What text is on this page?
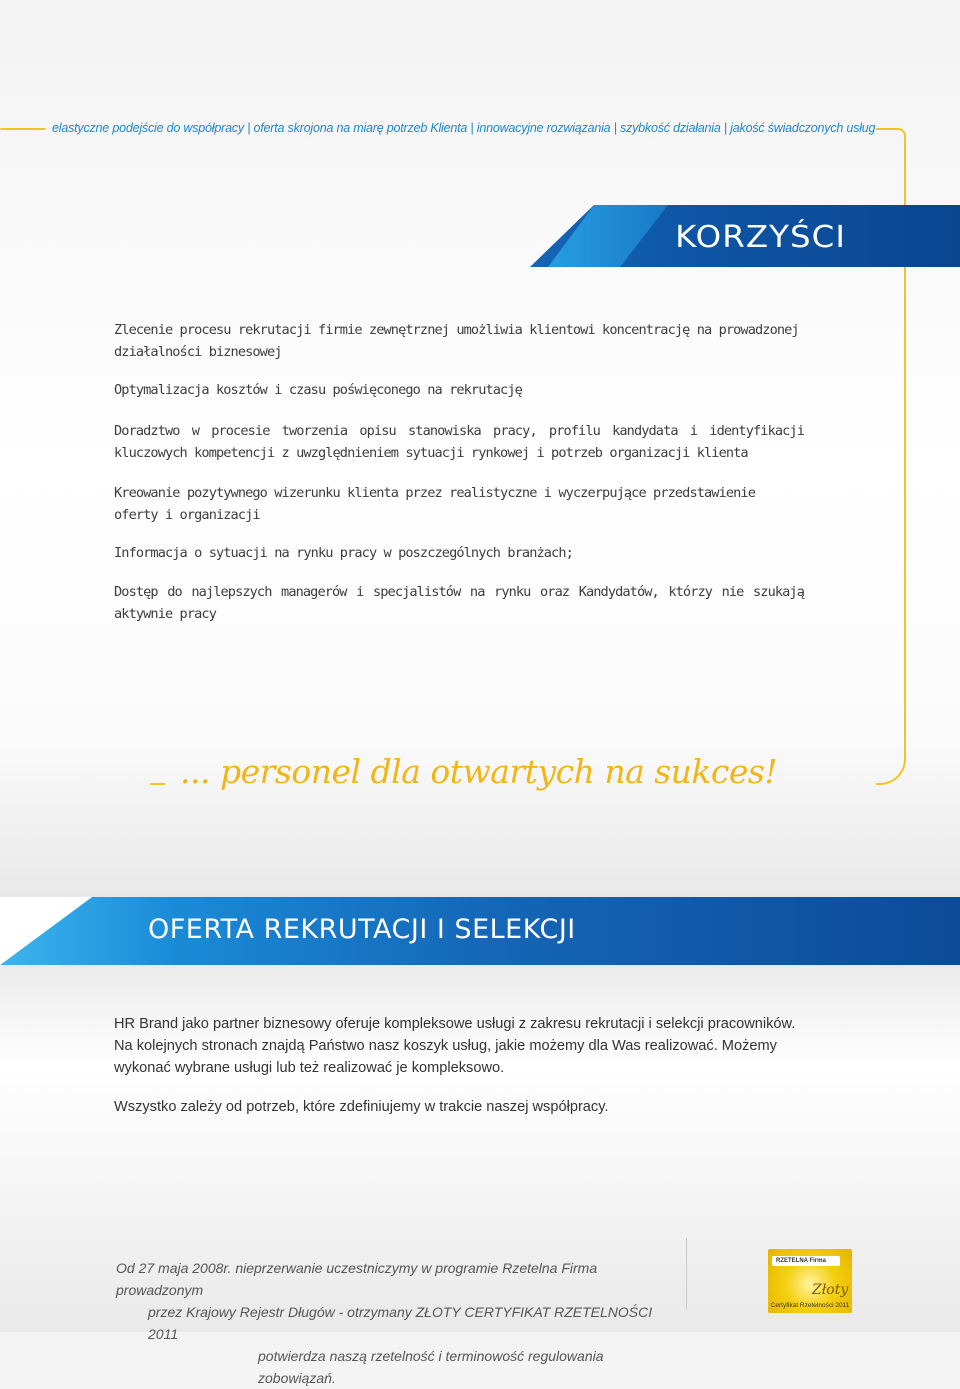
elastyczne podejście do współpracy | oferta skrojona na miarę potrzeb Klienta | innowacyjne rozwiązania | szybkość działania | jakość świadczonych usług
KORZYŚCI
Zlecenie procesu rekrutacji firmie zewnętrznej umożliwia klientowi koncentrację na prowadzonej działalności biznesowej
Optymalizacja kosztów i czasu poświęconego na rekrutację
Doradztwo w procesie tworzenia opisu stanowiska pracy, profilu kandydata i identyfikacji kluczowych kompetencji z uwzględnieniem sytuacji rynkowej i potrzeb organizacji klienta
Kreowanie pozytywnego wizerunku klienta przez realistyczne i wyczerpujące przedstawienie oferty i organizacji
Informacja o sytuacji na rynku pracy w poszczególnych branżach;
Dostęp do najlepszych managerów i specjalistów na rynku oraz Kandydatów, którzy nie szukają aktywnie pracy
... personel dla otwartych na sukces!
OFERTA REKRUTACJI I SELEKCJI
HR Brand jako partner biznesowy oferuje kompleksowe usługi z zakresu rekrutacji i selekcji pracowników. Na kolejnych stronach znajdą Państwo nasz koszyk usług, jakie możemy dla Was realizować. Możemy wykonać wybrane usługi lub też realizować je kompleksowo.
Wszystko zależy od potrzeb, które zdefiniujemy w trakcie naszej współpracy.
Od 27 maja 2008r. nieprzerwanie uczestniczymy w programie Rzetelna Firma prowadzonym
przez Krajowy Rejestr Długów - otrzymany ZŁOTY CERTYFIKAT RZETELNOŚCI 2011
potwierdza naszą rzetelność i terminowość regulowania zobowiązań.
RZETELNA Firma
Złoty
Certyfikat Rzetelności 2011
